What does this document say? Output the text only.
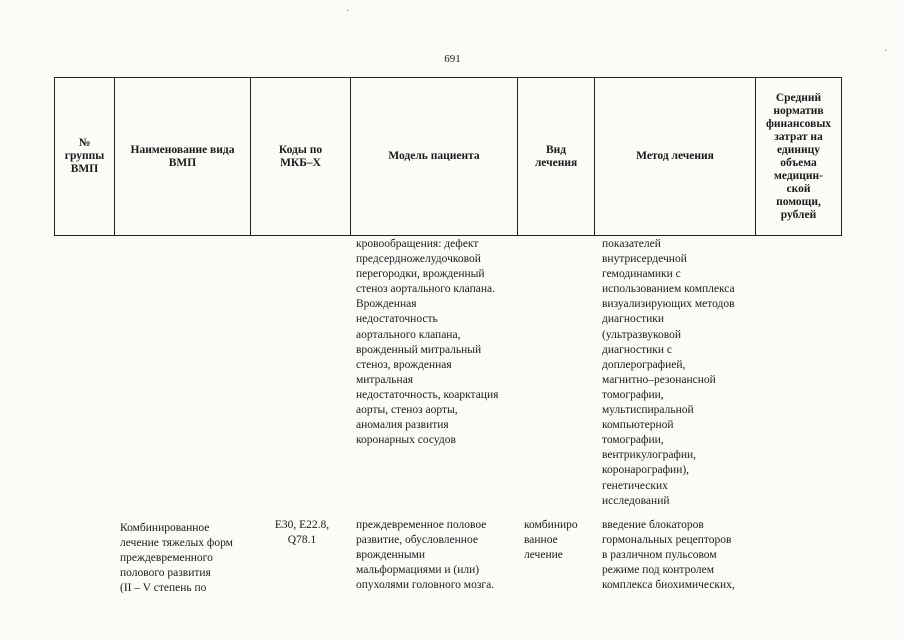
·
691
№
группы
ВМП
Наименование вида
ВМП
Коды по
МКБ–Х
Модель пациента
Вид
лечения
Метод лечения
Средний
норматив
финансовых
затрат на
единицу
объема
медицин-
ской
помощи,
рублей
кровообращения: дефект
предсердножелудочковой
перегородки, врожденный
стеноз аортального клапана.
Врожденная
недостаточность
аортального клапана,
врожденный митральный
стеноз, врожденная
митральная
недостаточность, коарктация
аорты, стеноз аорты,
аномалия развития
коронарных сосудов
показателей
внутрисердечной
гемодинамики с
использованием комплекса
визуализирующих методов
диагностики
(ультразвуковой
диагностики с
доплерографией,
магнитно–резонансной
томографии,
мультиспиральной
компьютерной
томографии,
вентрикулографии,
коронарографии),
генетических
исследований
Комбинированное
лечение тяжелых форм
преждевременного
полового развития
(II – V степень по
E30, E22.8,
Q78.1
преждевременное половое
развитие, обусловленное
врожденными
мальформациями и (или)
опухолями головного мозга.
комбиниро
ванное
лечение
введение блокаторов
гормональных рецепторов
в различном пульсовом
режиме под контролем
комплекса биохимических,
·
